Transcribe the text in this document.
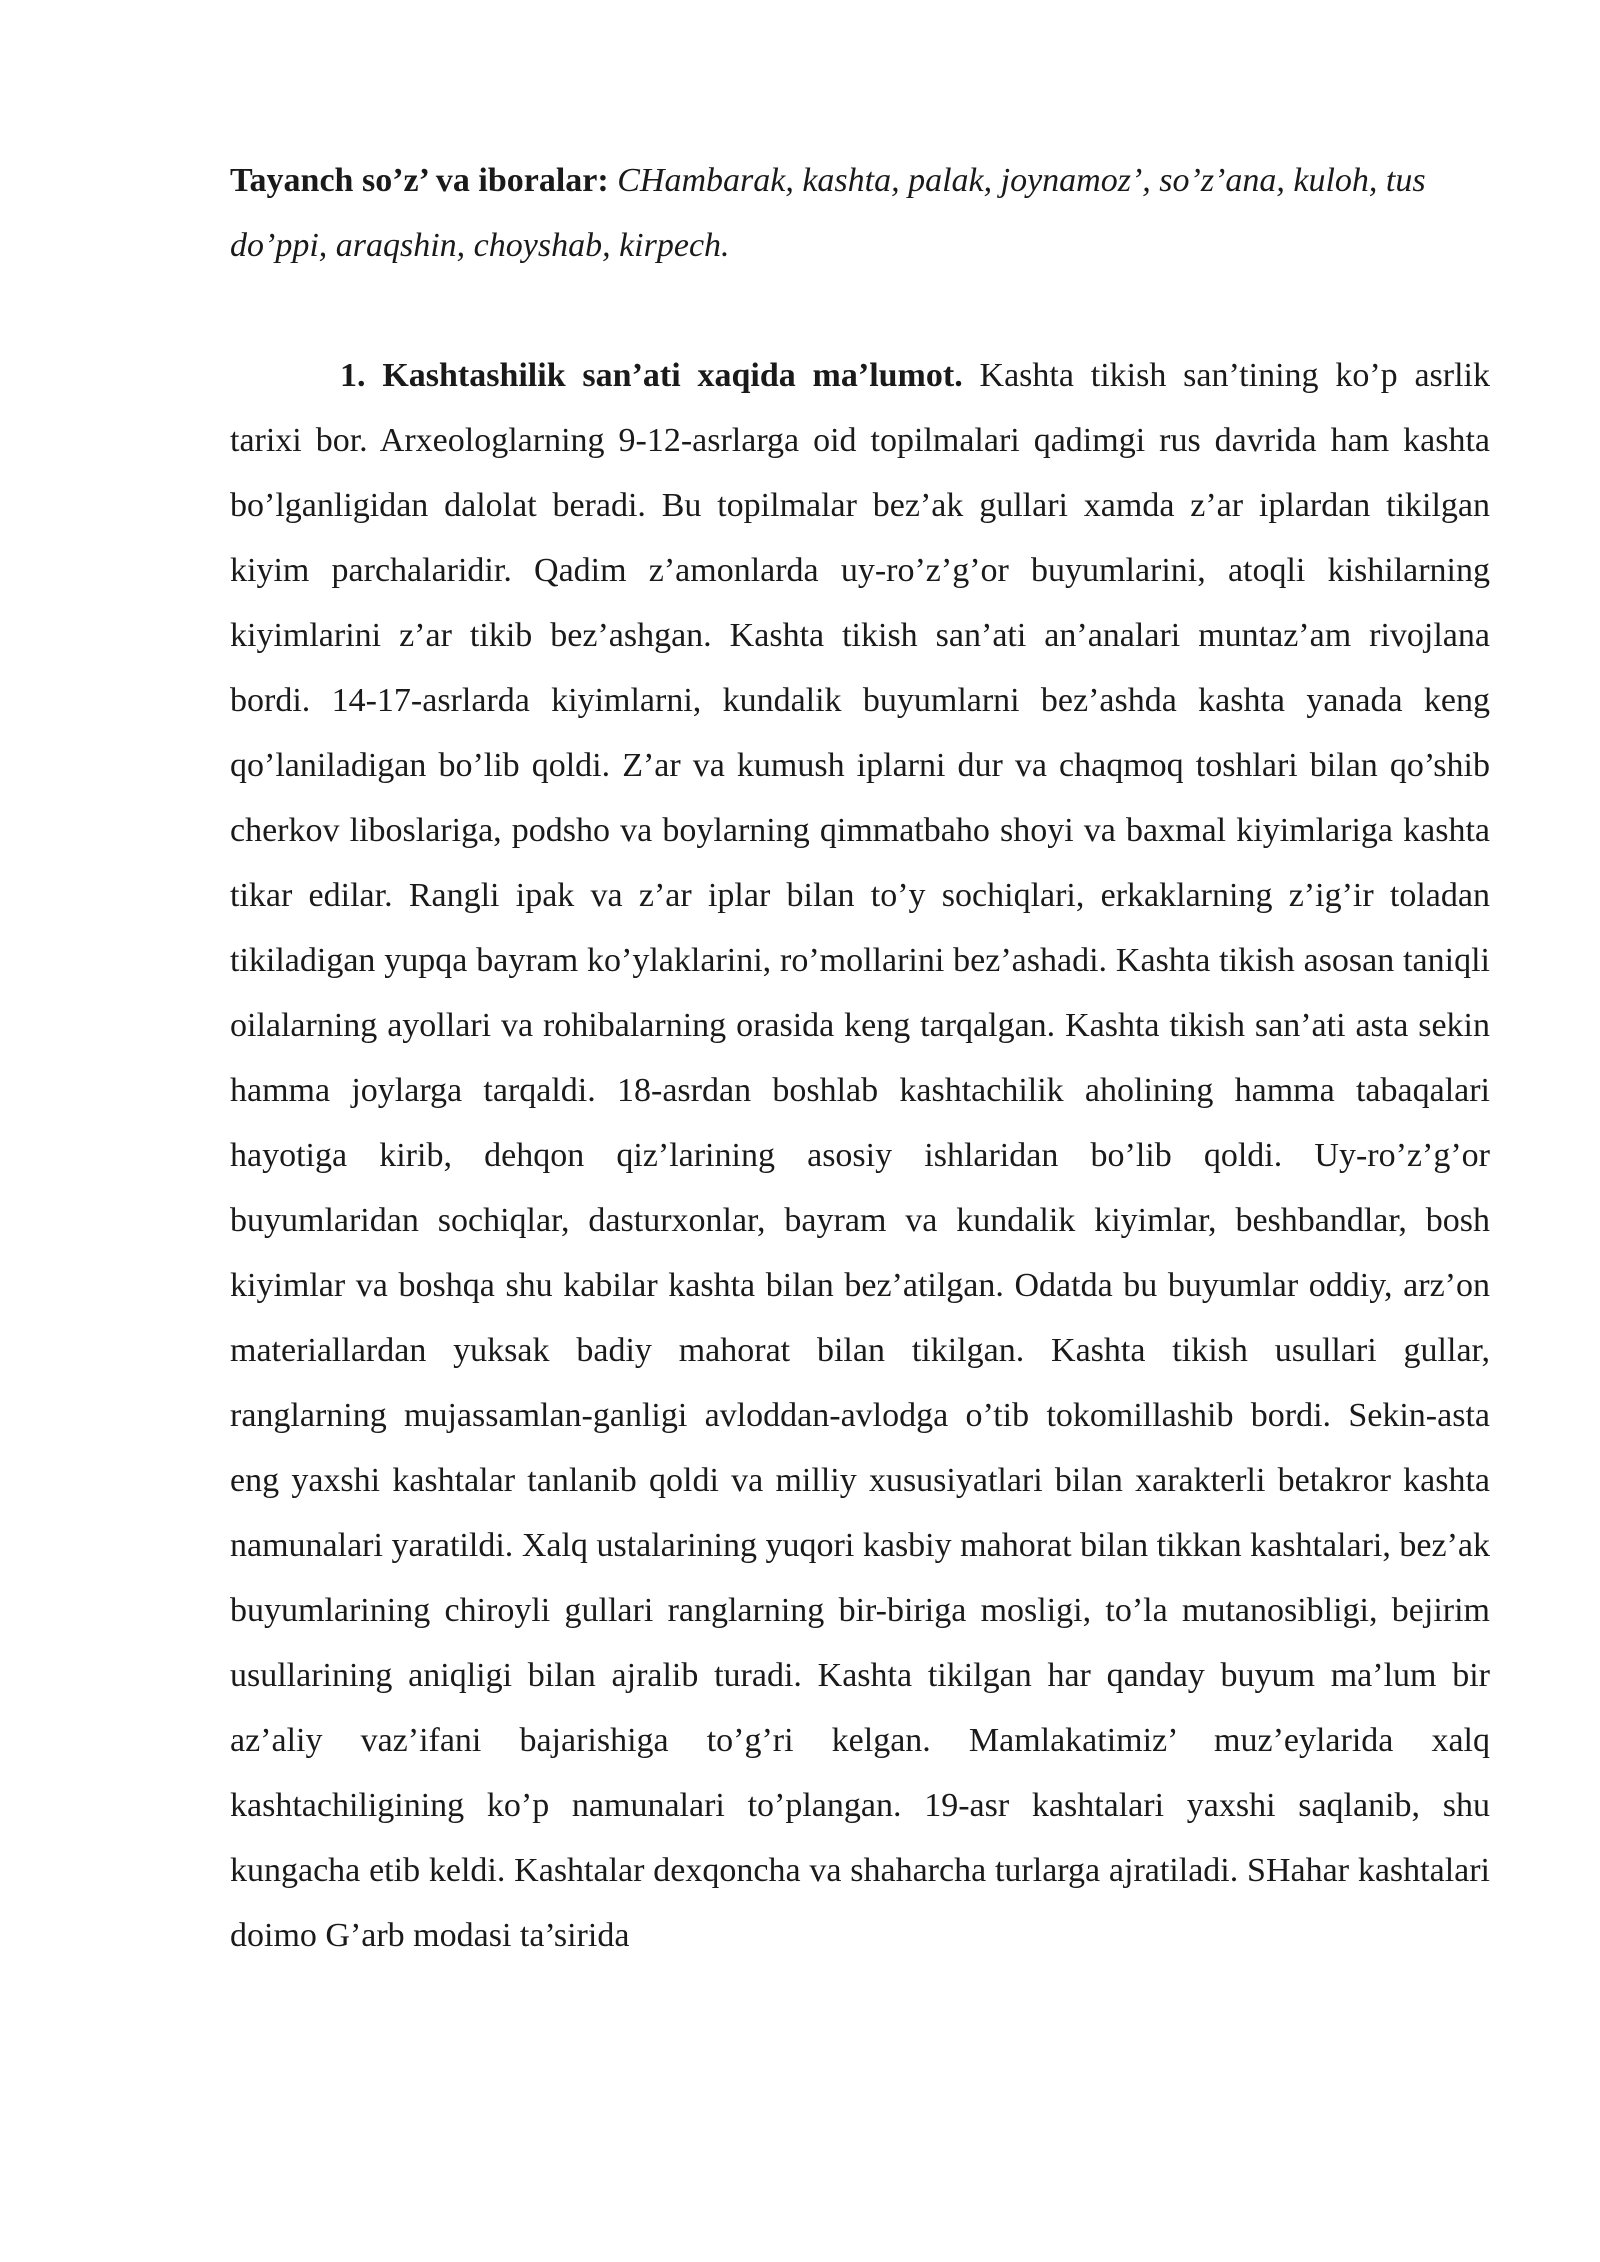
Tayanch so’z’ va iboralar: CHambarak, kashta, palak, joynamoz’, so’z’ana, kuloh, tus do’ppi, araqshin, choyshab, kirpech.

1. Kashtashilik san’ati xaqida ma’lumot. Kashta tikish san’tining ko’p asrlik tarixi bor. Arxeologlarning 9-12-asrlarga oid topilmalari qadimgi rus davrida ham kashta bo’lganligidan dalolat beradi. Bu topilmalar bez’ak gullari xamda z’ar iplardan tikilgan kiyim parchalaridir. Qadim z’amonlarda uy-ro’z’g’or buyumlarini, atoqli kishilarning kiyimlarini z’ar tikib bez’ashgan. Kashta tikish san’ati an’analari muntaz’am rivojlana bordi. 14-17-asrlarda kiyimlarni, kundalik buyumlarni bez’ashda kashta yanada keng qo’laniladigan bo’lib qoldi. Z’ar va kumush iplarni dur va chaqmoq toshlari bilan qo’shib cherkov liboslariga, podsho va boylarning qimmatbaho shoyi va baxmal kiyimlariga kashta tikar edilar. Rangli ipak va z’ar iplar bilan to’y sochiqlari, erkaklarning z’ig’ir toladan tikiladigan yupqa bayram ko’ylaklarini, ro’mollarini bez’ashadi. Kashta tikish asosan taniqli oilalarning ayollari va rohibalarning orasida keng tarqalgan. Kashta tikish san’ati asta sekin hamma joylarga tarqaldi. 18-asrdan boshlab kashtachilik aholining hamma tabaqalari hayotiga kirib, dehqon qiz’larining asosiy ishlaridan bo’lib qoldi. Uy-ro’z’g’or buyumlaridan sochiqlar, dasturxonlar, bayram va kundalik kiyimlar, beshbandlar, bosh kiyimlar va boshqa shu kabilar kashta bilan bez’atilgan. Odatda bu buyumlar oddiy, arz’on materiallardan yuksak badiy mahorat bilan tikilgan. Kashta tikish usullari gullar, ranglarning mujassamlan-ganligi avloddan-avlodga o’tib tokomillashib bordi. Sekin-asta eng yaxshi kashtalar tanlanib qoldi va milliy xususiyatlari bilan xarakterli betakror kashta namunalari yaratildi. Xalq ustalarining yuqori kasbiy mahorat bilan tikkan kashtalari, bez’ak buyumlarining chiroyli gullari ranglarning bir-biriga mosligi, to’la mutanosibligi, bejirim usullarining aniqligi bilan ajralib turadi. Kashta tikilgan har qanday buyum ma’lum bir az’aliy vaz’ifani bajarishiga to’g’ri kelgan. Mamlakatimiz’ muz’eylarida xalq kashtachiligining ko’p namunalari to’plangan. 19-asr kashtalari yaxshi saqlanib, shu kungacha etib keldi. Kashtalar dexqoncha va shaharcha turlarga ajratiladi. SHahar kashtalari doimo G’arb modasi ta’sirida
